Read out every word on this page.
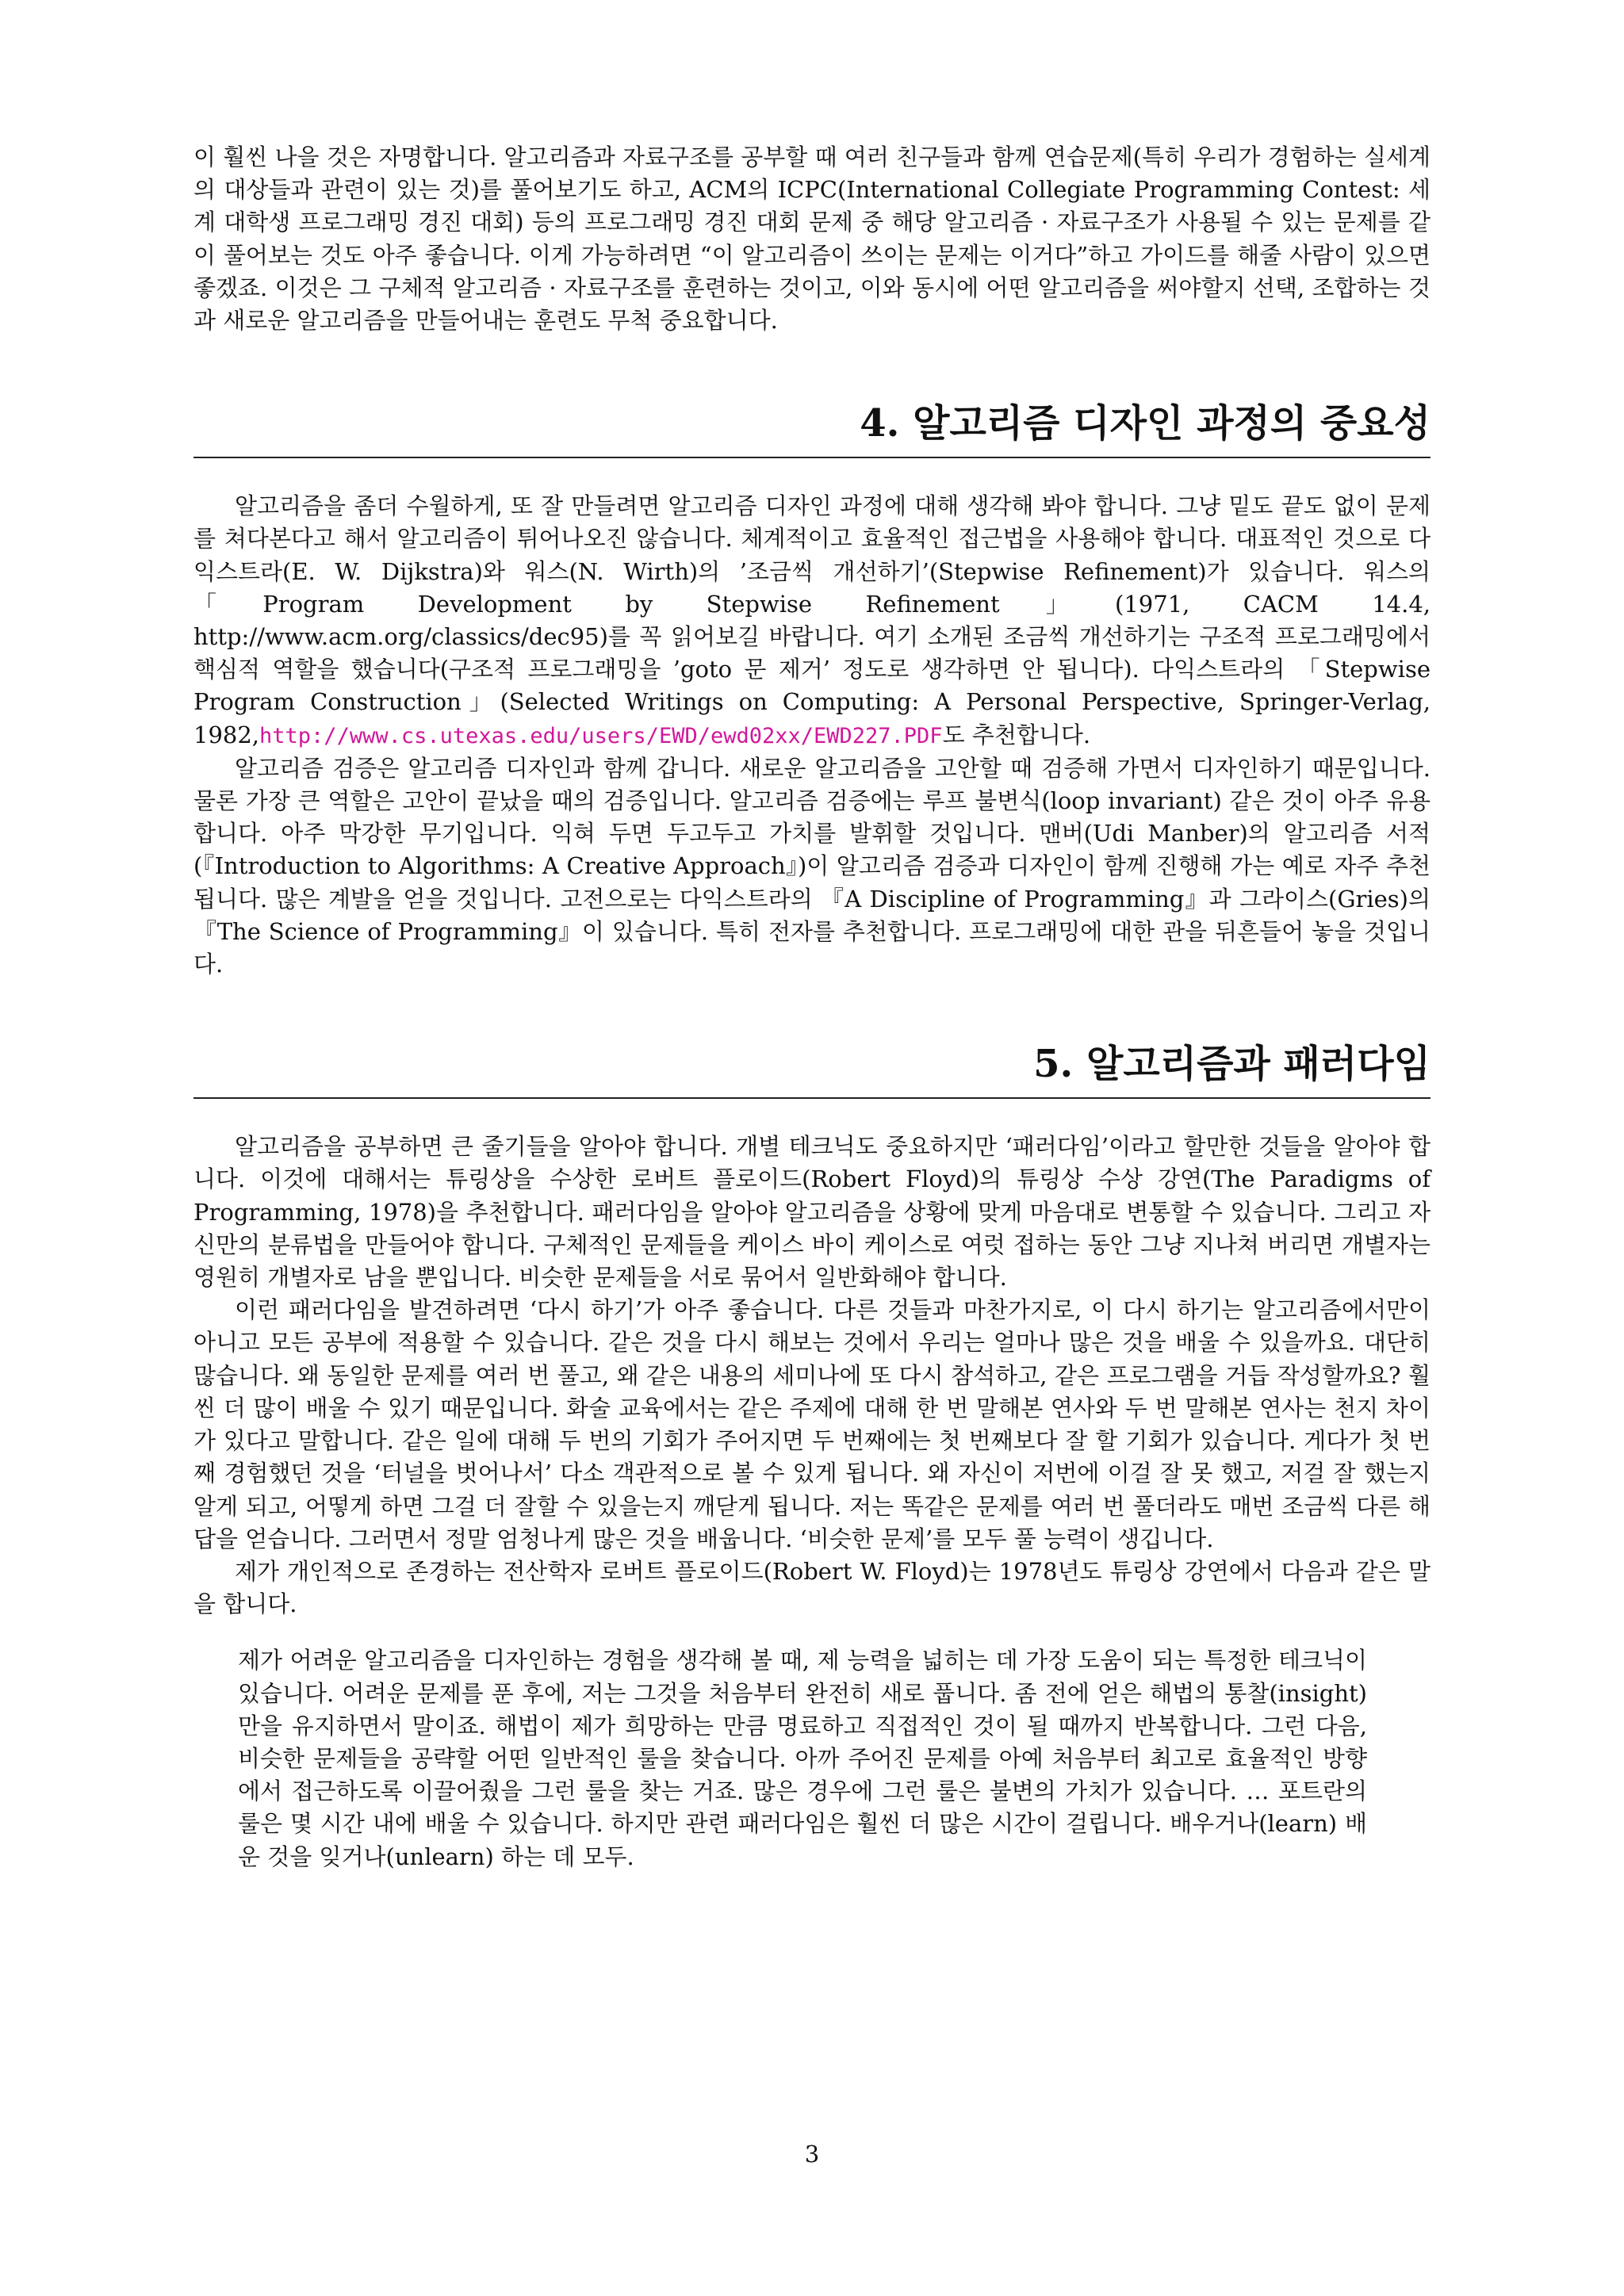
이 훨씬 나을 것은 자명합니다. 알고리즘과 자료구조를 공부할 때 여러 친구들과 함께 연습문제(특히 우리가 경험하는 실세계의 대상들과 관련이 있는 것)를 풀어보기도 하고, ACM의 ICPC(International Collegiate Programming Contest: 세계 대학생 프로그래밍 경진 대회) 등의 프로그래밍 경진 대회 문제 중 해당 알고리즘 · 자료구조가 사용될 수 있는 문제를 같이 풀어보는 것도 아주 좋습니다. 이게 가능하려면 “이 알고리즘이 쓰이는 문제는 이거다”하고 가이드를 해줄 사람이 있으면 좋겠죠. 이것은 그 구체적 알고리즘 · 자료구조를 훈련하는 것이고, 이와 동시에 어떤 알고리즘을 써야할지 선택, 조합하는 것과 새로운 알고리즘을 만들어내는 훈련도 무척 중요합니다.

4. 알고리즘 디자인 과정의 중요성

알고리즘을 좀더 수월하게, 또 잘 만들려면 알고리즘 디자인 과정에 대해 생각해 봐야 합니다. 그냥 밑도 끝도 없이 문제를 쳐다본다고 해서 알고리즘이 튀어나오진 않습니다. 체계적이고 효율적인 접근법을 사용해야 합니다. 대표적인 것으로 다익스트라(E. W. Dijkstra)와 워스(N. Wirth)의 ’조금씩 개선하기’(Stepwise Refinement)가 있습니다. 워스의 「Program Development by Stepwise Refinement」(1971, CACM 14.4, http://www.acm.org/classics/dec95)를 꼭 읽어보길 바랍니다. 여기 소개된 조금씩 개선하기는 구조적 프로그래밍에서 핵심적 역할을 했습니다(구조적 프로그래밍을 ’goto 문 제거’ 정도로 생각하면 안 됩니다). 다익스트라의 「Stepwise Program Construction」(Selected Writings on Computing: A Personal Perspective, Springer-Verlag, 1982,http://www.cs.utexas.edu/users/EWD/ewd02xx/EWD227.PDF도 추천합니다.

알고리즘 검증은 알고리즘 디자인과 함께 갑니다. 새로운 알고리즘을 고안할 때 검증해 가면서 디자인하기 때문입니다. 물론 가장 큰 역할은 고안이 끝났을 때의 검증입니다. 알고리즘 검증에는 루프 불변식(loop invariant) 같은 것이 아주 유용합니다. 아주 막강한 무기입니다. 익혀 두면 두고두고 가치를 발휘할 것입니다. 맨버(Udi Manber)의 알고리즘 서적(『Introduction to Algorithms: A Creative Approach』)이 알고리즘 검증과 디자인이 함께 진행해 가는 예로 자주 추천됩니다. 많은 계발을 얻을 것입니다. 고전으로는 다익스트라의 『A Discipline of Programming』과 그라이스(Gries)의 『The Science of Programming』이 있습니다. 특히 전자를 추천합니다. 프로그래밍에 대한 관을 뒤흔들어 놓을 것입니다.

5. 알고리즘과 패러다임

알고리즘을 공부하면 큰 줄기들을 알아야 합니다. 개별 테크닉도 중요하지만 ‘패러다임’이라고 할만한 것들을 알아야 합니다. 이것에 대해서는 튜링상을 수상한 로버트 플로이드(Robert Floyd)의 튜링상 수상 강연(The Paradigms of Programming, 1978)을 추천합니다. 패러다임을 알아야 알고리즘을 상황에 맞게 마음대로 변통할 수 있습니다. 그리고 자신만의 분류법을 만들어야 합니다. 구체적인 문제들을 케이스 바이 케이스로 여럿 접하는 동안 그냥 지나쳐 버리면 개별자는 영원히 개별자로 남을 뿐입니다. 비슷한 문제들을 서로 묶어서 일반화해야 합니다.

이런 패러다임을 발견하려면 ‘다시 하기’가 아주 좋습니다. 다른 것들과 마찬가지로, 이 다시 하기는 알고리즘에서만이 아니고 모든 공부에 적용할 수 있습니다. 같은 것을 다시 해보는 것에서 우리는 얼마나 많은 것을 배울 수 있을까요. 대단히 많습니다. 왜 동일한 문제를 여러 번 풀고, 왜 같은 내용의 세미나에 또 다시 참석하고, 같은 프로그램을 거듭 작성할까요? 훨씬 더 많이 배울 수 있기 때문입니다. 화술 교육에서는 같은 주제에 대해 한 번 말해본 연사와 두 번 말해본 연사는 천지 차이가 있다고 말합니다. 같은 일에 대해 두 번의 기회가 주어지면 두 번째에는 첫 번째보다 잘 할 기회가 있습니다. 게다가 첫 번째 경험했던 것을 ‘터널을 벗어나서’ 다소 객관적으로 볼 수 있게 됩니다. 왜 자신이 저번에 이걸 잘 못 했고, 저걸 잘 했는지 알게 되고, 어떻게 하면 그걸 더 잘할 수 있을는지 깨닫게 됩니다. 저는 똑같은 문제를 여러 번 풀더라도 매번 조금씩 다른 해답을 얻습니다. 그러면서 정말 엄청나게 많은 것을 배웁니다. ‘비슷한 문제’를 모두 풀 능력이 생깁니다.

제가 개인적으로 존경하는 전산학자 로버트 플로이드(Robert W. Floyd)는 1978년도 튜링상 강연에서 다음과 같은 말을 합니다.

제가 어려운 알고리즘을 디자인하는 경험을 생각해 볼 때, 제 능력을 넓히는 데 가장 도움이 되는 특정한 테크닉이 있습니다. 어려운 문제를 푼 후에, 저는 그것을 처음부터 완전히 새로 풉니다. 좀 전에 얻은 해법의 통찰(insight)만을 유지하면서 말이죠. 해법이 제가 희망하는 만큼 명료하고 직접적인 것이 될 때까지 반복합니다. 그런 다음, 비슷한 문제들을 공략할 어떤 일반적인 룰을 찾습니다. 아까 주어진 문제를 아예 처음부터 최고로 효율적인 방향에서 접근하도록 이끌어줬을 그런 룰을 찾는 거죠. 많은 경우에 그런 룰은 불변의 가치가 있습니다. … 포트란의 룰은 몇 시간 내에 배울 수 있습니다. 하지만 관련 패러다임은 훨씬 더 많은 시간이 걸립니다. 배우거나(learn) 배운 것을 잊거나(unlearn) 하는 데 모두.

3
